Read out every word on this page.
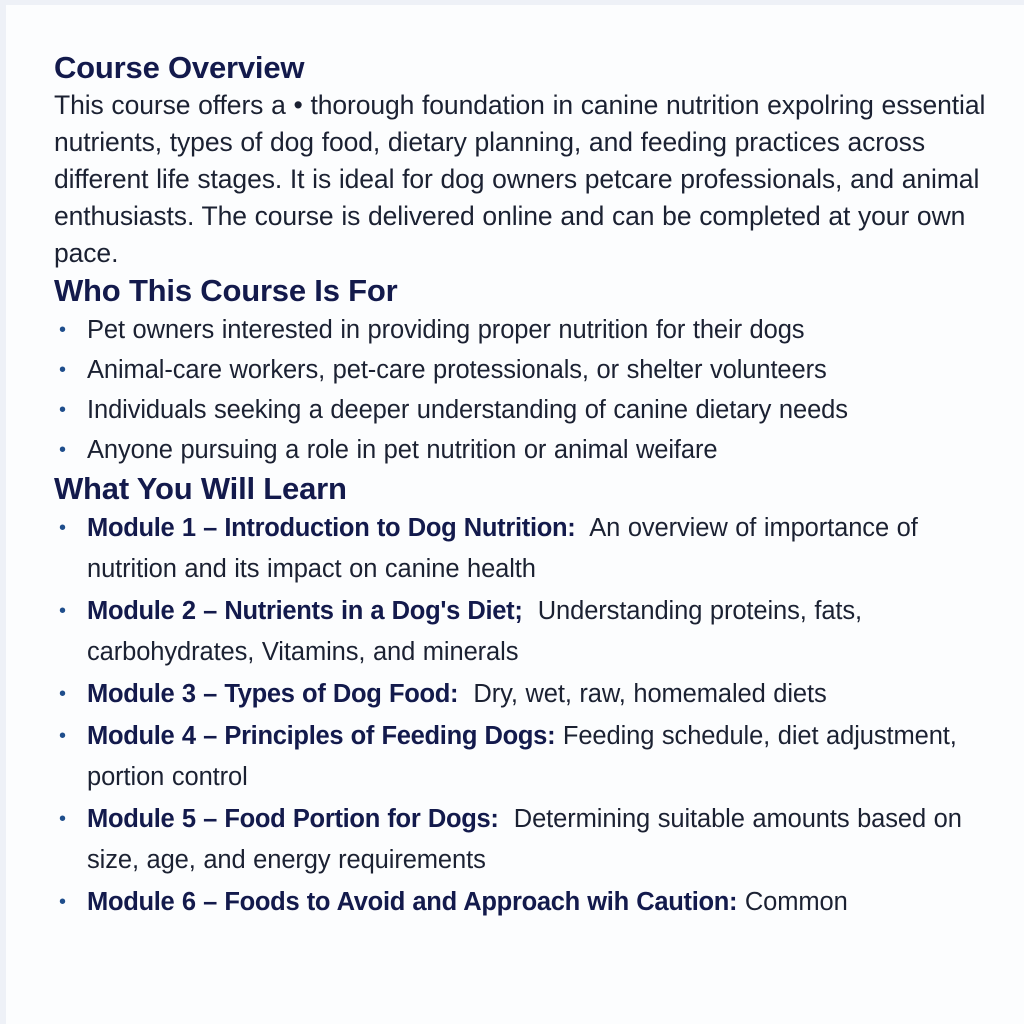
Course Overview

This course offers a • thorough foundation in canine nutrition expolring essential nutrients, types of dog food, dietary planning, and feeding practices across different life stages. It is ideal for dog owners petcare professionals, and animal enthusiasts. The course is delivered online and can be completed at your own pace.

Who This Course Is For
• Pet owners interested in providing proper nutrition for their dogs
• Animal-care workers, pet-care protessionals, or shelter volunteers
• Individuals seeking a deeper understanding of canine dietary needs
• Anyone pursuing a role in pet nutrition or animal weifare
What You Will Learn
• Module 1 – Introduction to Dog Nutrition: An overview of importance of nutrition and its impact on canine health
• Module 2 – Nutrients in a Dog's Diet; Understanding proteins, fats, carbohydrates, Vitamins, and minerals
• Module 3 – Types of Dog Food: Dry, wet, raw, homemaled diets
• Module 4 – Principles of Feeding Dogs: Feeding schedule, diet adjustment, portion control
• Module 5 – Food Portion for Dogs: Determining suitable amounts based on size, age, and energy requirements
• Module 6 – Foods to Avoid and Approach wih Caution: Common
